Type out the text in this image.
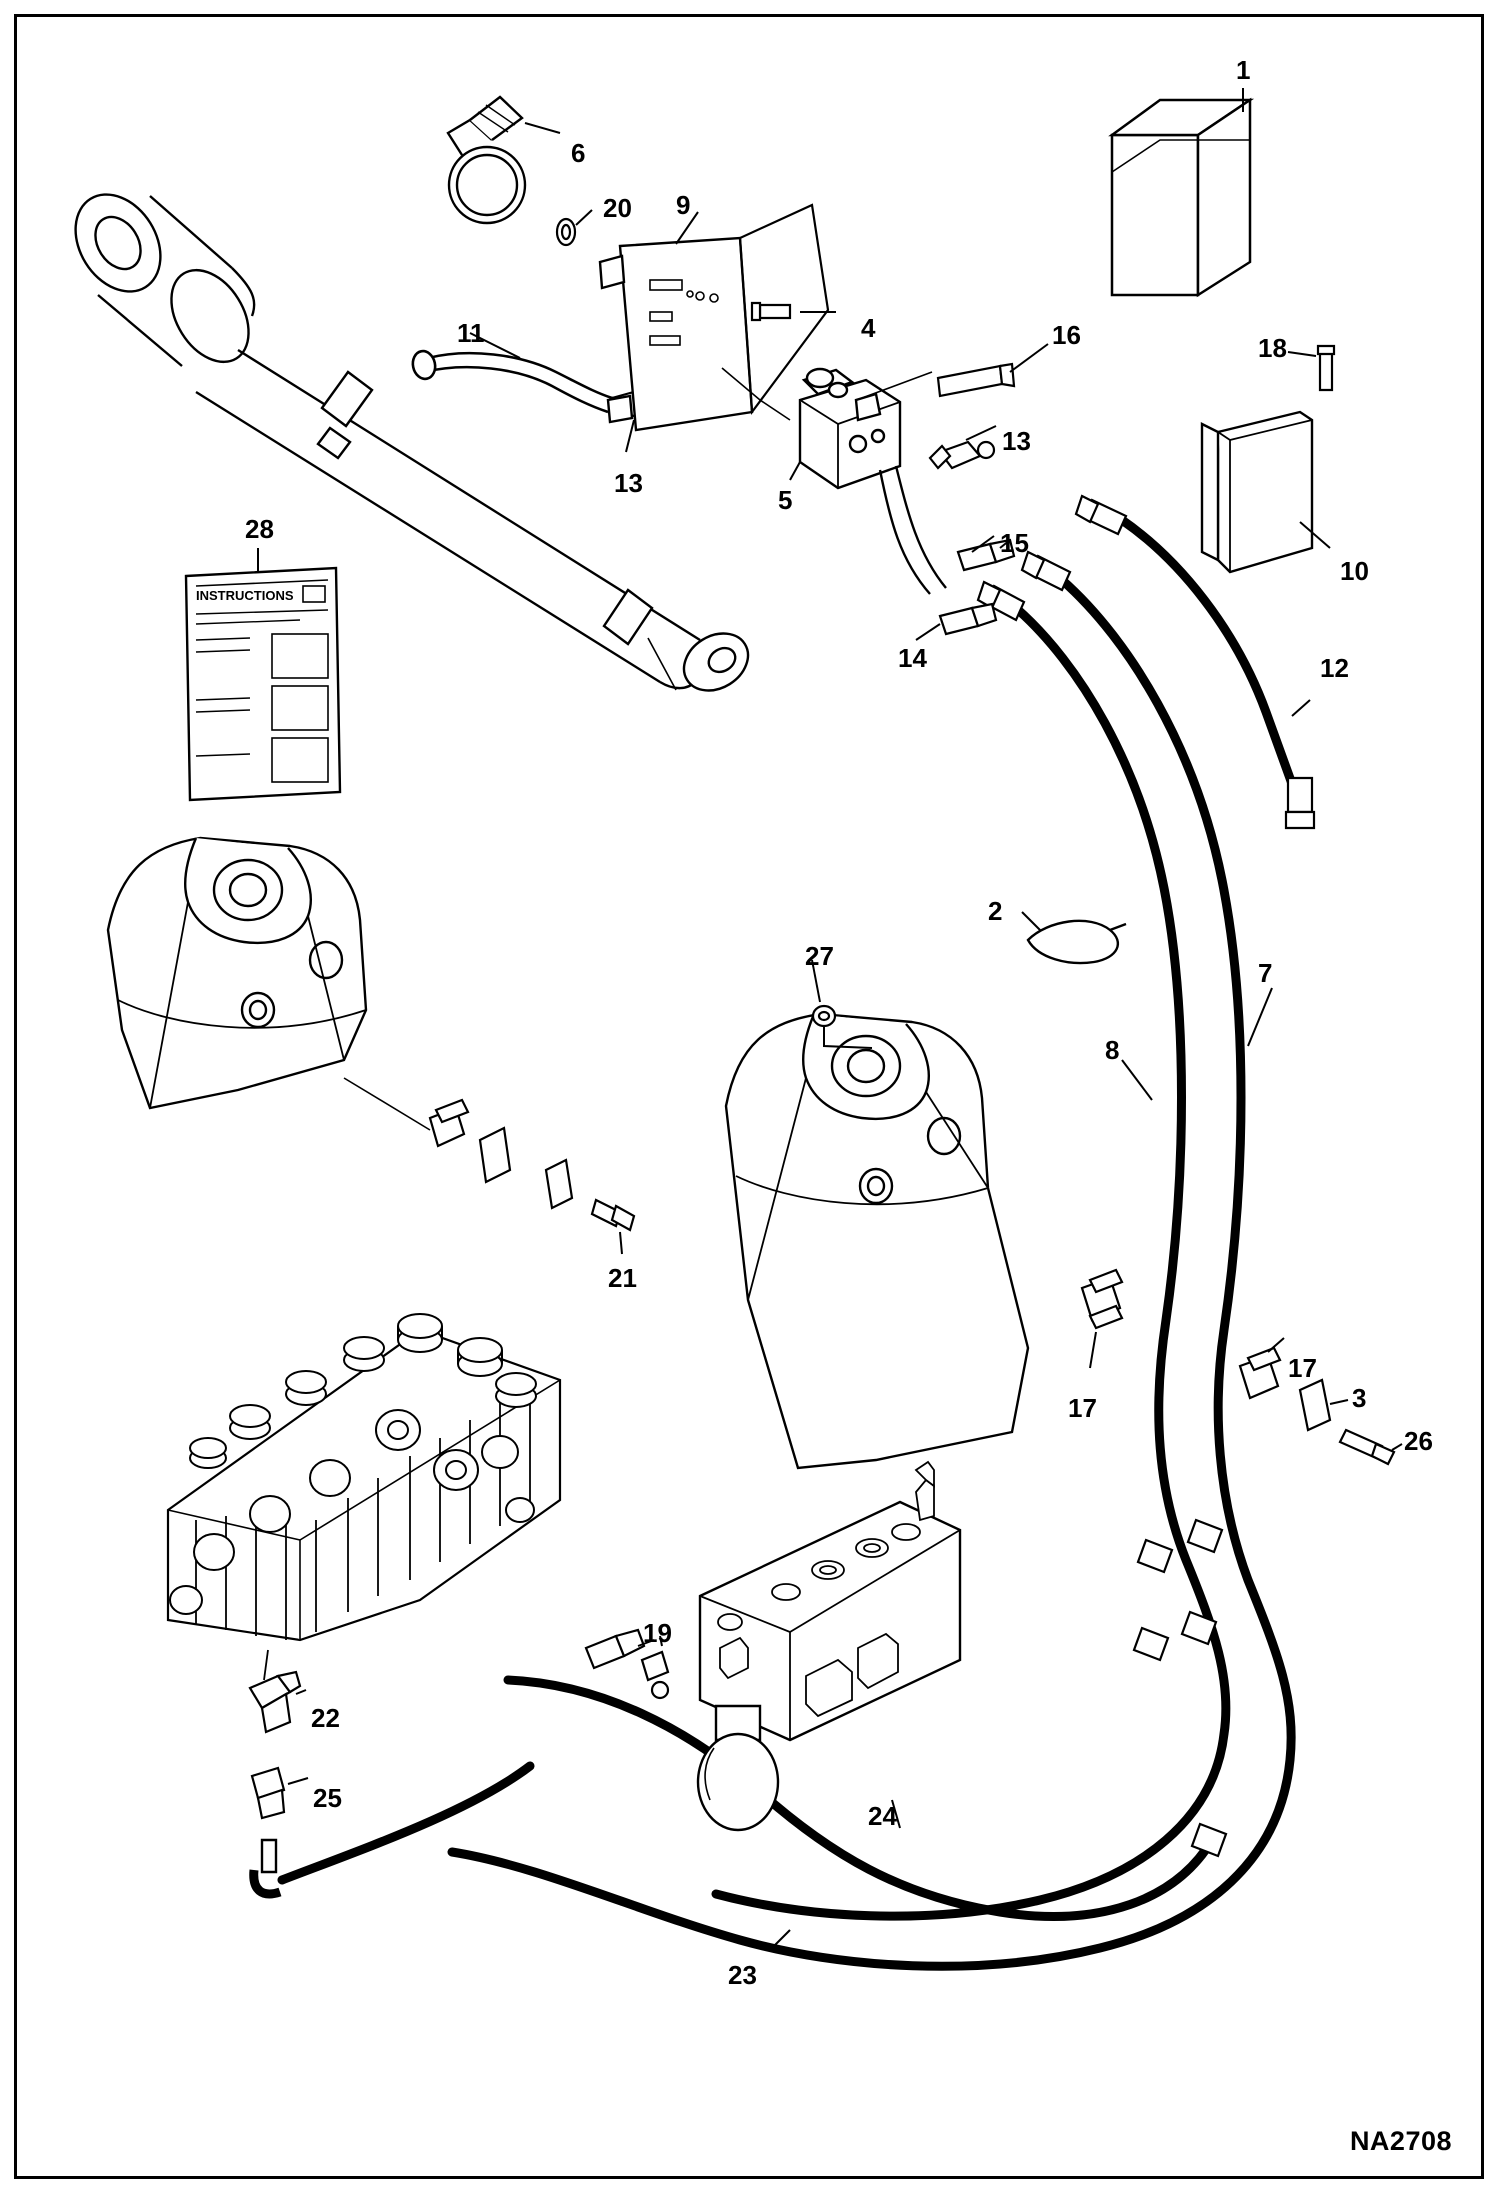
INSTRUCTIONS
1
6
20 9
4	16	18
11
13
13
5
10
15
14	12
28
2
27
7
8
21
17
17	3
26
19
22
25
24
23
NA2708
